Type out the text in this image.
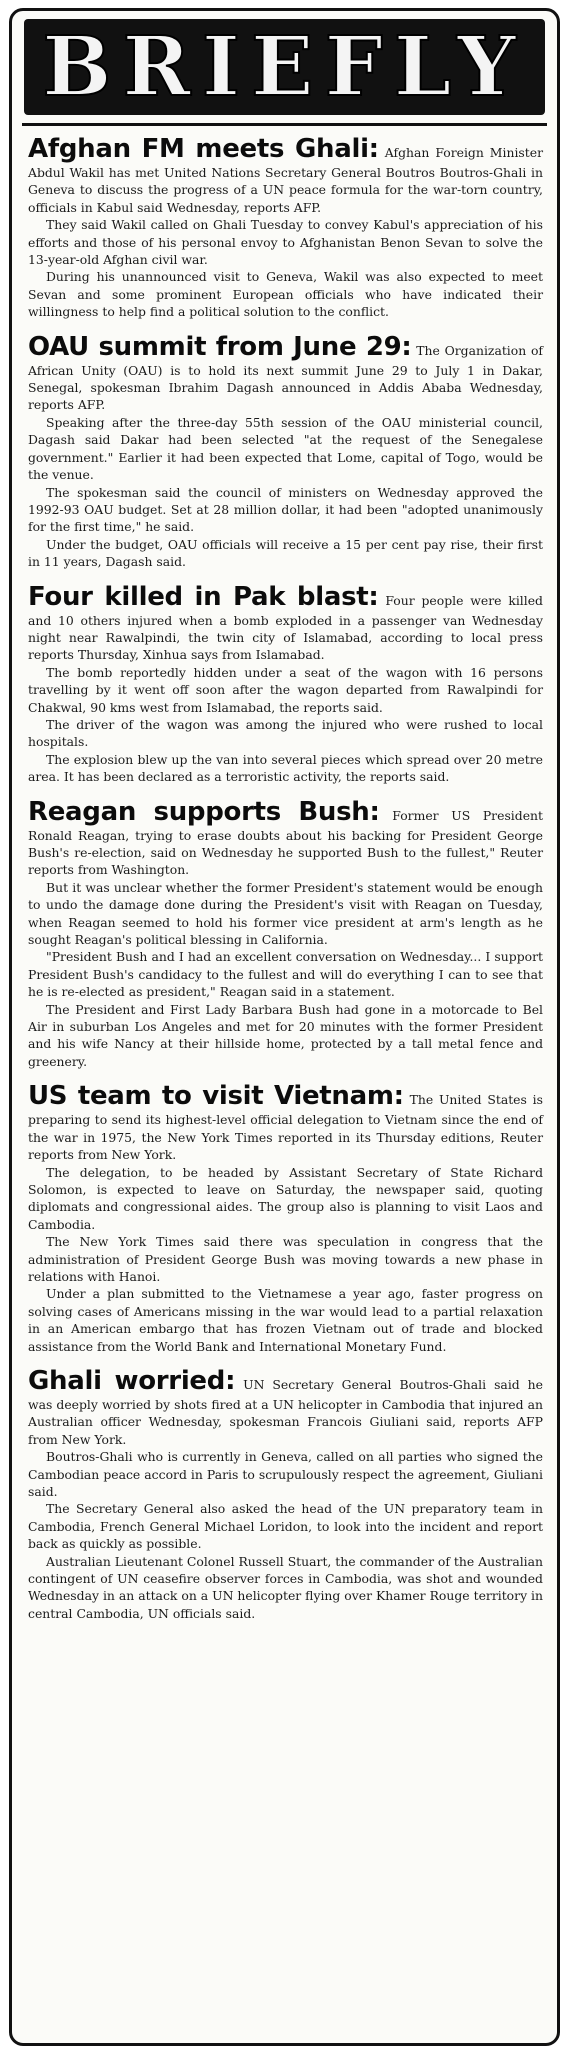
BRIEFLY

Afghan FM meets Ghali: Afghan Foreign Minister Abdul Wakil has met United Nations Secretary General Boutros Boutros-Ghali in Geneva to discuss the progress of a UN peace formula for the war-torn country, officials in Kabul said Wednesday, reports AFP.

They said Wakil called on Ghali Tuesday to convey Kabul's appreciation of his efforts and those of his personal envoy to Afghanistan Benon Sevan to solve the 13-year-old Afghan civil war.

During his unannounced visit to Geneva, Wakil was also expected to meet Sevan and some prominent European officials who have indicated their willingness to help find a political solution to the conflict.

OAU summit from June 29: The Organization of African Unity (OAU) is to hold its next summit June 29 to July 1 in Dakar, Senegal, spokesman Ibrahim Dagash announced in Addis Ababa Wednesday, reports AFP.

Speaking after the three-day 55th session of the OAU ministerial council, Dagash said Dakar had been selected "at the request of the Senegalese government." Earlier it had been expected that Lome, capital of Togo, would be the venue.

The spokesman said the council of ministers on Wednesday approved the 1992-93 OAU budget. Set at 28 million dollar, it had been "adopted unanimously for the first time," he said.

Under the budget, OAU officials will receive a 15 per cent pay rise, their first in 11 years, Dagash said.

Four killed in Pak blast: Four people were killed and 10 others injured when a bomb exploded in a passenger van Wednesday night near Rawalpindi, the twin city of Islamabad, according to local press reports Thursday, Xinhua says from Islamabad.

The bomb reportedly hidden under a seat of the wagon with 16 persons travelling by it went off soon after the wagon departed from Rawalpindi for Chakwal, 90 kms west from Islamabad, the reports said.

The driver of the wagon was among the injured who were rushed to local hospitals.

The explosion blew up the van into several pieces which spread over 20 metre area. It has been declared as a terroristic activity, the reports said.

Reagan supports Bush: Former US President Ronald Reagan, trying to erase doubts about his backing for President George Bush's re-election, said on Wednesday he supported Bush to the fullest," Reuter reports from Washington.

But it was unclear whether the former President's statement would be enough to undo the damage done during the President's visit with Reagan on Tuesday, when Reagan seemed to hold his former vice president at arm's length as he sought Reagan's political blessing in California.

"President Bush and I had an excellent conversation on Wednesday... I support President Bush's candidacy to the fullest and will do everything I can to see that he is re-elected as president," Reagan said in a statement.

The President and First Lady Barbara Bush had gone in a motorcade to Bel Air in suburban Los Angeles and met for 20 minutes with the former President and his wife Nancy at their hillside home, protected by a tall metal fence and greenery.

US team to visit Vietnam: The United States is preparing to send its highest-level official delegation to Vietnam since the end of the war in 1975, the New York Times reported in its Thursday editions, Reuter reports from New York.

The delegation, to be headed by Assistant Secretary of State Richard Solomon, is expected to leave on Saturday, the newspaper said, quoting diplomats and congressional aides. The group also is planning to visit Laos and Cambodia.

The New York Times said there was speculation in congress that the administration of President George Bush was moving towards a new phase in relations with Hanoi.

Under a plan submitted to the Vietnamese a year ago, faster progress on solving cases of Americans missing in the war would lead to a partial relaxation in an American embargo that has frozen Vietnam out of trade and blocked assistance from the World Bank and International Monetary Fund.

Ghali worried: UN Secretary General Boutros-Ghali said he was deeply worried by shots fired at a UN helicopter in Cambodia that injured an Australian officer Wednesday, spokesman Francois Giuliani said, reports AFP from New York.

Boutros-Ghali who is currently in Geneva, called on all parties who signed the Cambodian peace accord in Paris to scrupulously respect the agreement, Giuliani said.

The Secretary General also asked the head of the UN preparatory team in Cambodia, French General Michael Loridon, to look into the incident and report back as quickly as possible.

Australian Lieutenant Colonel Russell Stuart, the commander of the Australian contingent of UN ceasefire observer forces in Cambodia, was shot and wounded Wednesday in an attack on a UN helicopter flying over Khamer Rouge territory in central Cambodia, UN officials said.
